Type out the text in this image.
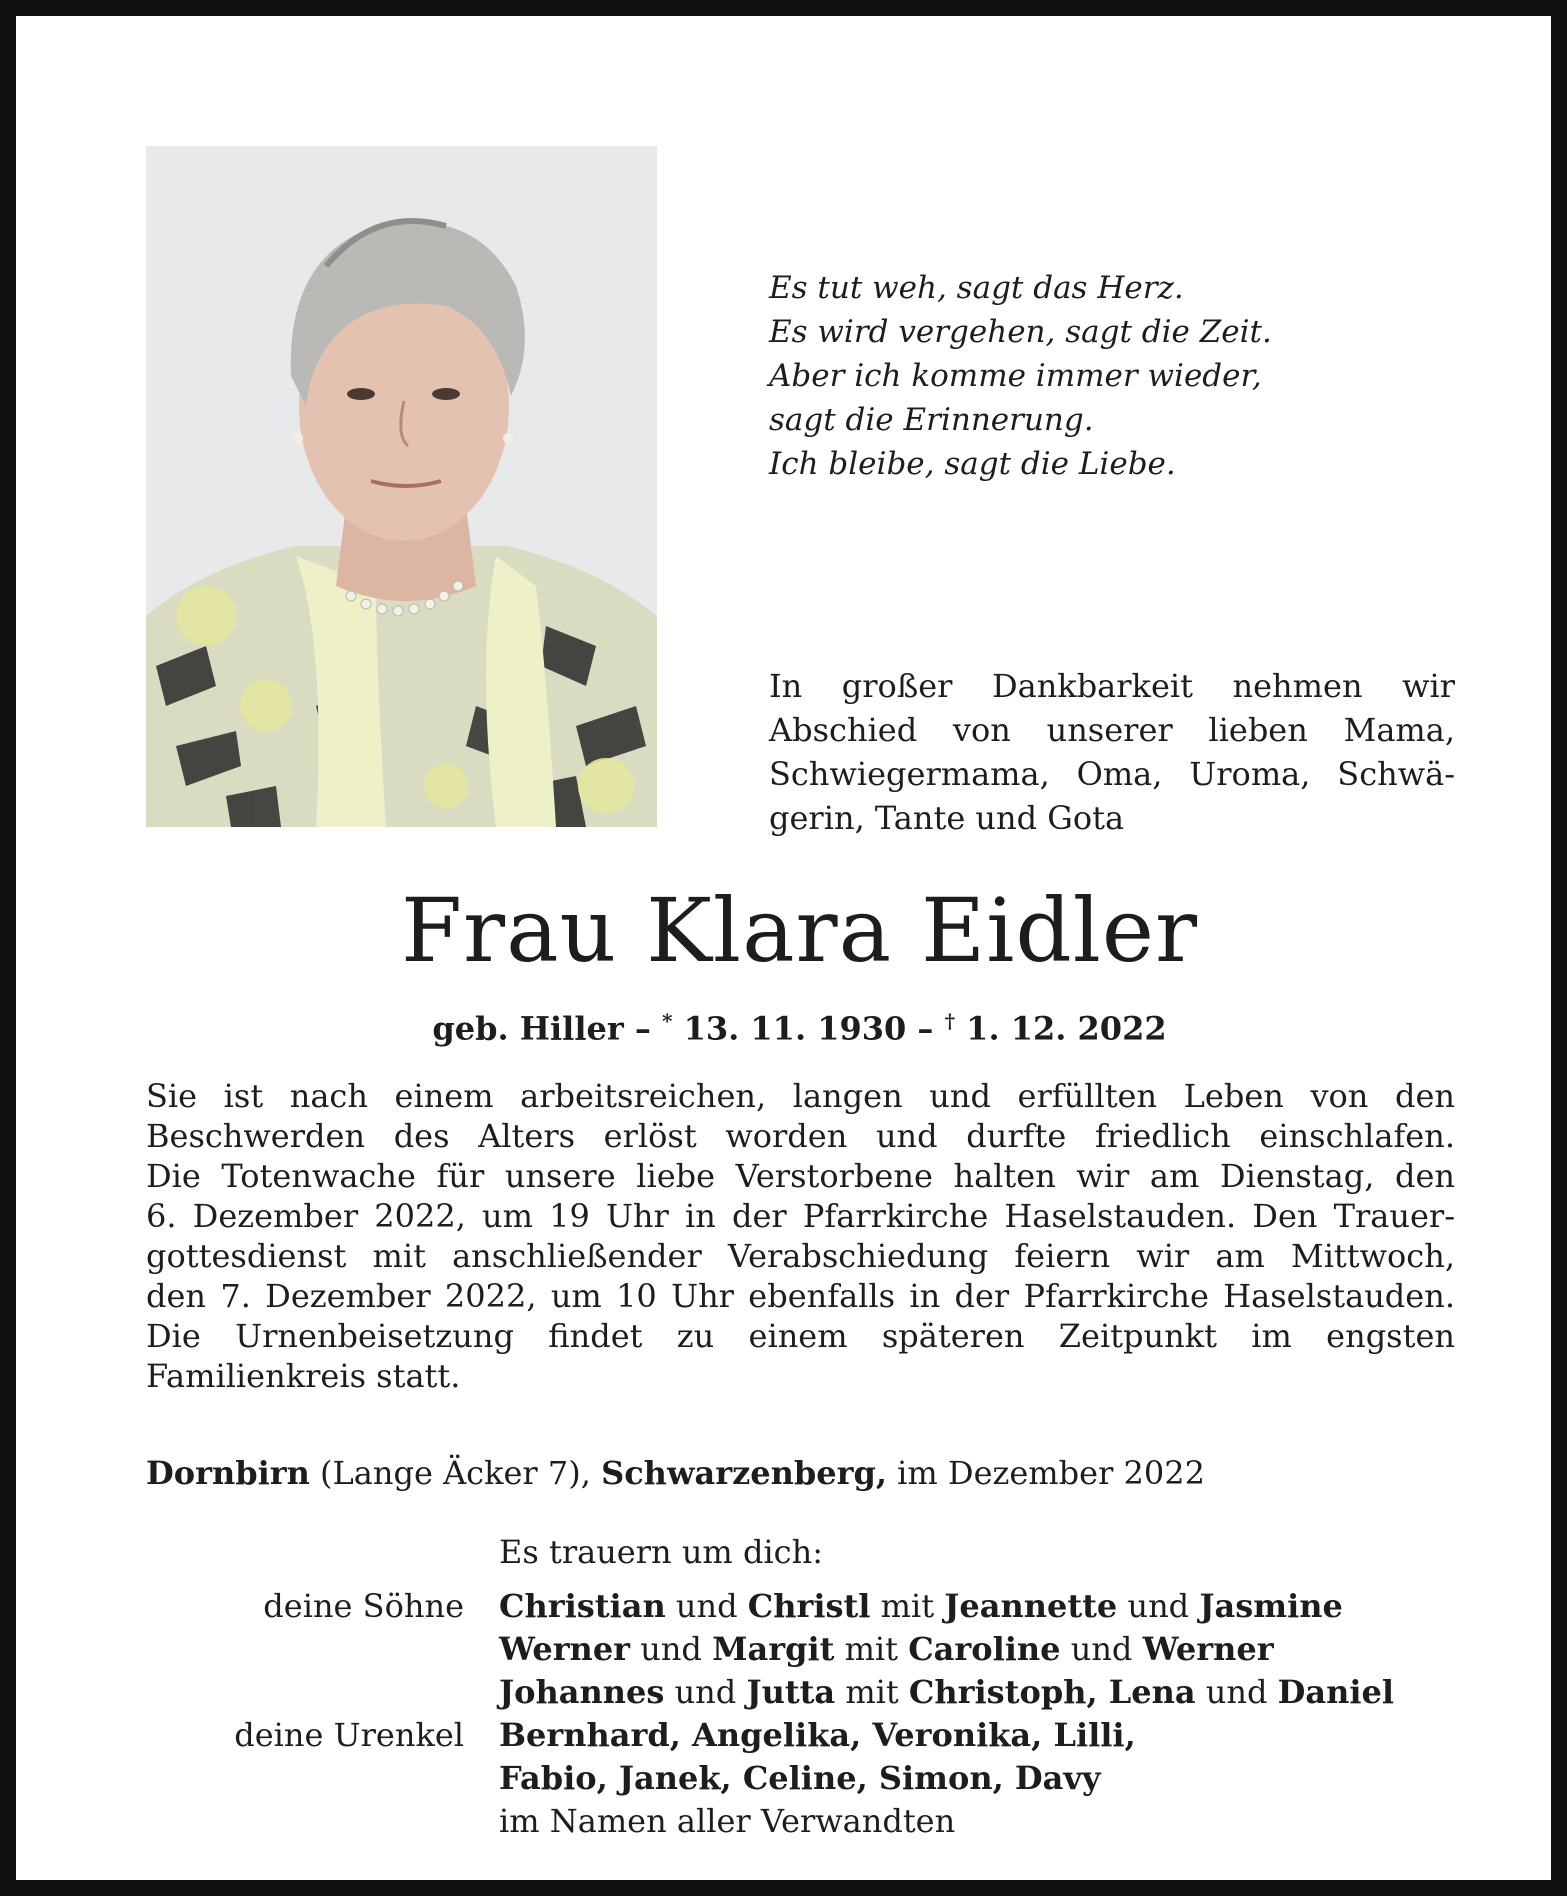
Es tut weh, sagt das Herz.
Es wird vergehen, sagt die Zeit.
Aber ich komme immer wieder,
sagt die Erinnerung.
Ich bleibe, sagt die Liebe.
In großer Dankbarkeit nehmen wir
Abschied von unserer lieben Mama,
Schwiegermama, Oma, Uroma, Schwä-
gerin, Tante und Gota
Frau Klara Eidler
geb. Hiller – * 13. 11. 1930 – † 1. 12. 2022
Sie ist nach einem arbeitsreichen, langen und erfüllten Leben von den
Beschwerden des Alters erlöst worden und durfte friedlich einschlafen.
Die Totenwache für unsere liebe Verstorbene halten wir am Dienstag, den
6. Dezember 2022, um 19 Uhr in der Pfarrkirche Haselstauden. Den Trauer-
gottesdienst mit anschließender Verabschiedung feiern wir am Mittwoch,
den 7. Dezember 2022, um 10 Uhr ebenfalls in der Pfarrkirche Haselstauden.
Die Urnenbeisetzung findet zu einem späteren Zeitpunkt im engsten
Familienkreis statt.
Dornbirn (Lange Äcker 7), Schwarzenberg, im Dezember 2022
Es trauern um dich:
deine Söhne Christian und Christl mit Jeannette und Jasmine
Werner und Margit mit Caroline und Werner
Johannes und Jutta mit Christoph, Lena und Daniel
deine Urenkel Bernhard, Angelika, Veronika, Lilli,
Fabio, Janek, Celine, Simon, Davy
im Namen aller Verwandten
